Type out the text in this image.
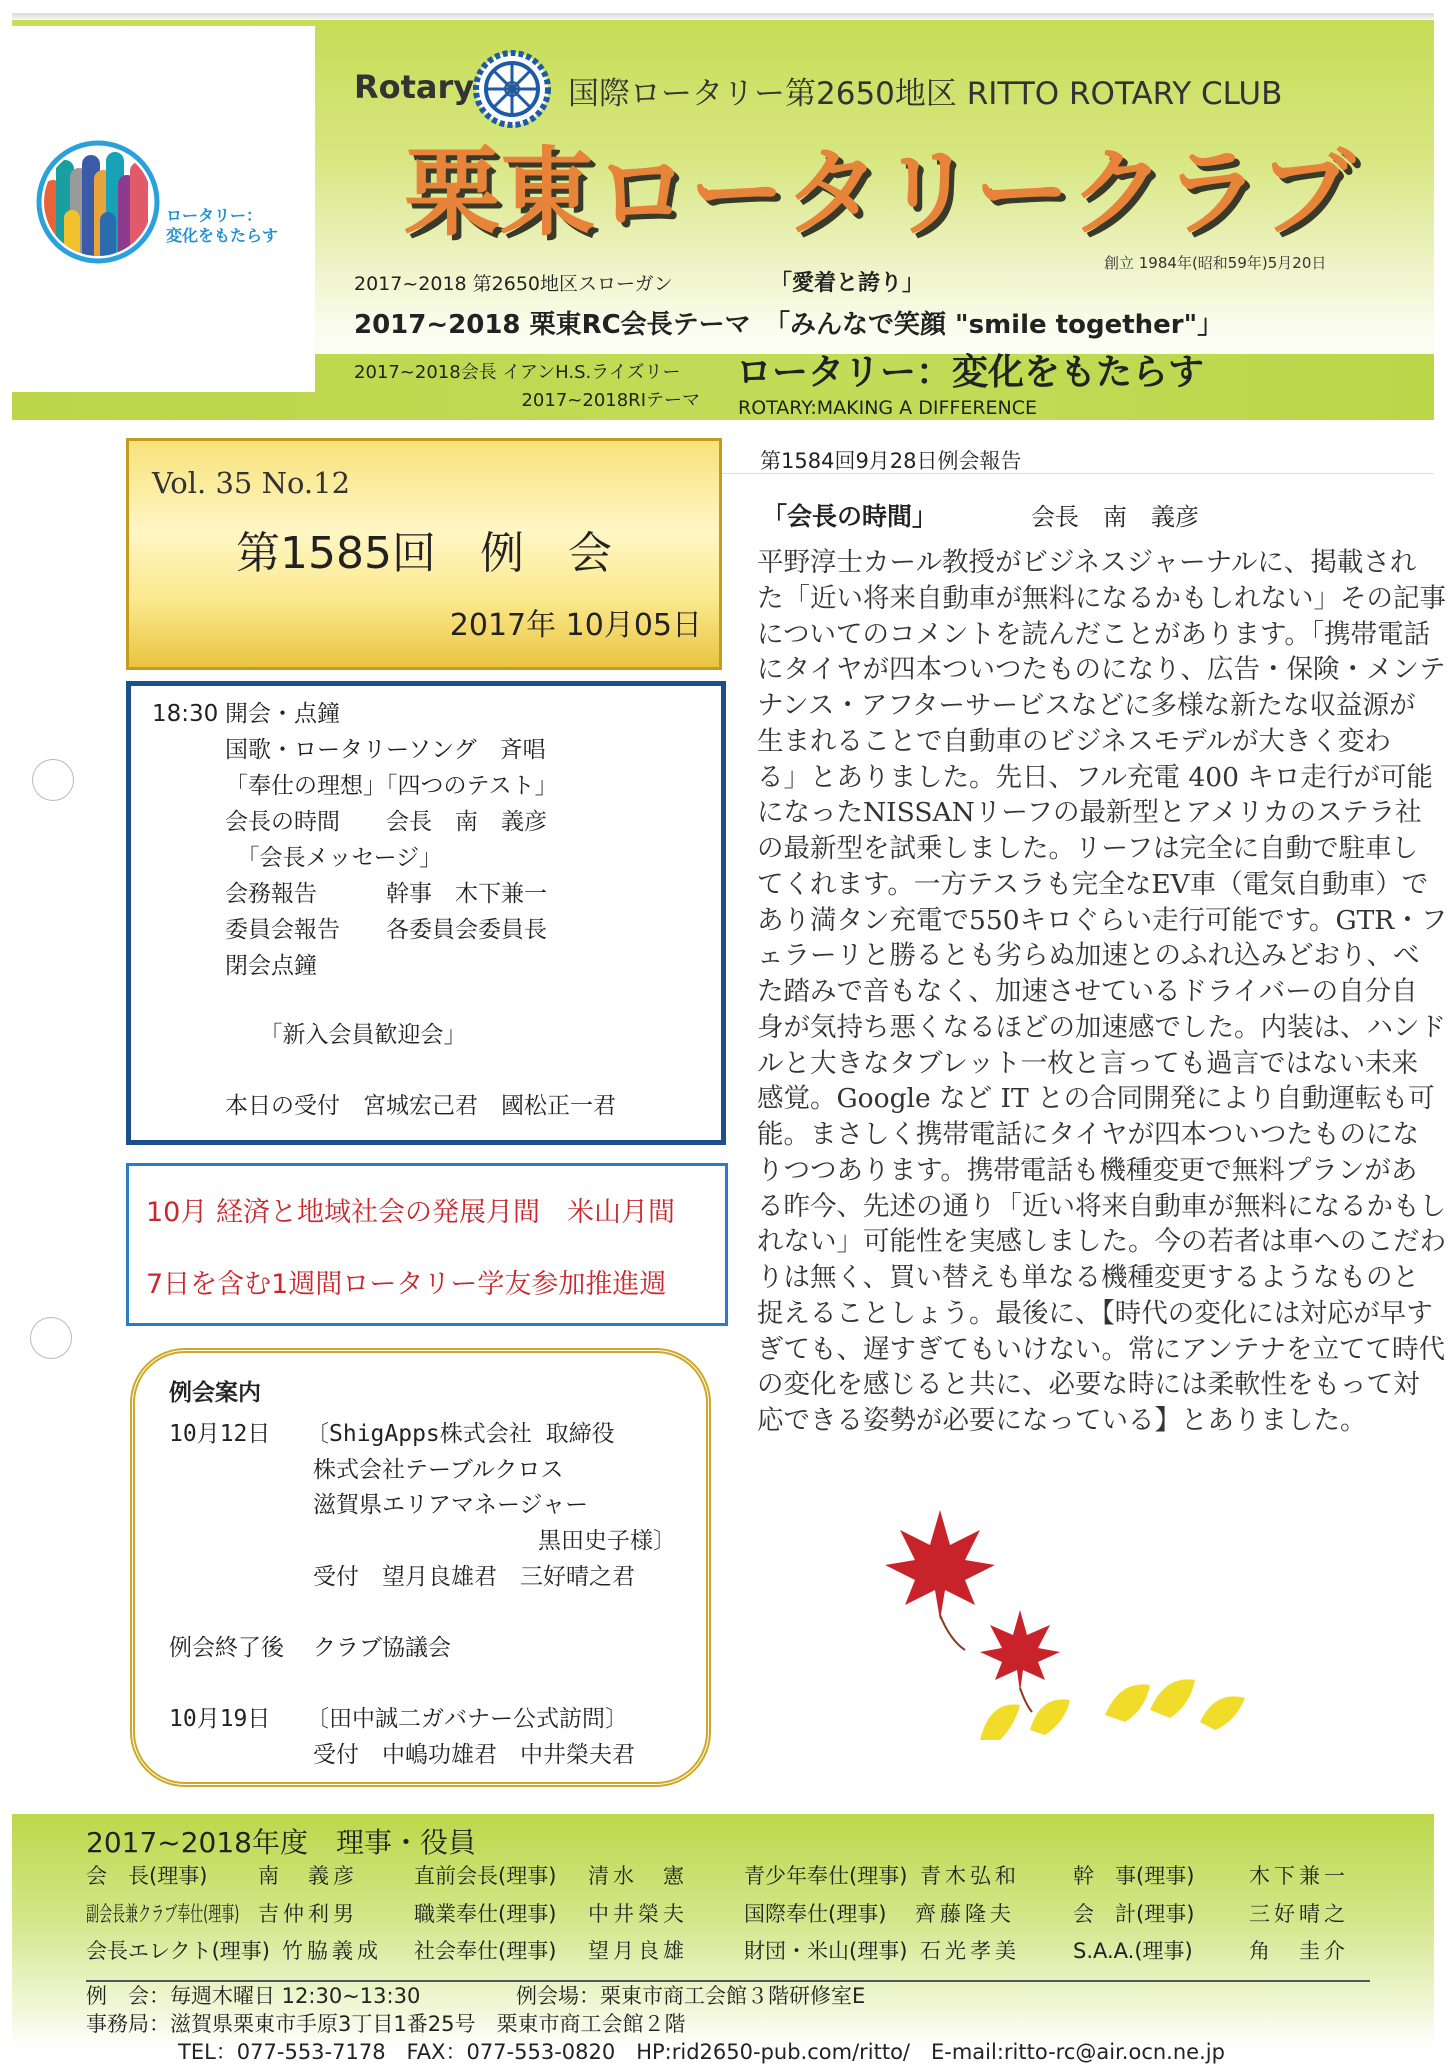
ロータリー：
変化をもたらす
Rotary	国際ロータリー第2650地区 RITTO ROTARY CLUB
栗東ロータリークラブ
創立 1984年(昭和59年)5月20日
2017~2018 第2650地区スローガン	「愛着と誇り」
2017~2018 栗東RC会長テーマ 「みんなで笑顔 "smile together"」
2017~2018会長 イアンH.S.ライズリー
2017~2018RIテーマ
ロータリー：変化をもたらす
ROTARY:MAKING A DIFFERENCE
Vol. 35 No.12
第1585回　例　会
2017年 10月05日
18:30 開会・点鐘
国歌・ロータリーソング　斉唱
「奉仕の理想」「四つのテスト」
会長の時間　　会長　南　義彦
　「会長メッセージ」
会務報告　　　幹事　木下兼一
委員会報告　　各委員会委員長
閉会点鐘
　　「新入会員歓迎会」
本日の受付　宮城宏己君　國松正一君
10月 経済と地域社会の発展月間　米山月間
7日を含む1週間ロータリー学友参加推進週
例会案内
10月12日 〔ShigApps株式会社 取締役
株式会社テーブルクロス
滋賀県エリアマネージャー
黒田史子様〕
受付　望月良雄君　三好晴之君
例会終了後 クラブ協議会
10月19日 〔田中誠二ガバナー公式訪問〕
受付　中嶋功雄君　中井榮夫君
第1584回9月28日例会報告
「会長の時間」	会長　南　義彦
平野淳士カール教授がビジネスジャーナルに、掲載され
た「近い将来自動車が無料になるかもしれない」その記事
についてのコメントを読んだことがあります。「携帯電話
にタイヤが四本ついつたものになり、広告・保険・メンテ
ナンス・アフターサービスなどに多様な新たな収益源が
生まれることで自動車のビジネスモデルが大きく変わ
る」とありました。先日、フル充電 400 キロ走行が可能
になったNISSANリーフの最新型とアメリカのステラ社
の最新型を試乗しました。リーフは完全に自動で駐車し
てくれます。一方テスラも完全なEV車（電気自動車）で
あり満タン充電で550キロぐらい走行可能です。GTR・フ
ェラーリと勝るとも劣らぬ加速とのふれ込みどおり、べ
た踏みで音もなく、加速させているドライバーの自分自
身が気持ち悪くなるほどの加速感でした。内装は、ハンド
ルと大きなタブレット一枚と言っても過言ではない未来
感覚。Google など IT との合同開発により自動運転も可
能。まさしく携帯電話にタイヤが四本ついつたものにな
りつつあります。携帯電話も機種変更で無料プランがあ
る昨今、先述の通り「近い将来自動車が無料になるかもし
れない」可能性を実感しました。今の若者は車へのこだわ
りは無く、買い替えも単なる機種変更するようなものと
捉えることしょう。最後に、【時代の変化には対応が早す
ぎても、遅すぎてもいけない。常にアンテナを立てて時代
の変化を感じると共に、必要な時には柔軟性をもって対
応できる姿勢が必要になっている】とありました。
2017~2018年度　理事・役員
会　長(理事) 南　義彦	直前会長(理事) 清水　憲	青少年奉仕(理事) 青木弘和	幹　事(理事)	木下兼一
副会長兼クラブ奉仕(理事) 吉仲利男	職業奉仕(理事) 中井榮夫	国際奉仕(理事) 齊藤隆夫	会　計(理事)	三好晴之
会長エレクト(理事) 竹脇義成 社会奉仕(理事) 望月良雄	財団・米山(理事) 石光孝美	S.A.A.(理事)	角　圭介
例　会：毎週木曜日 12:30~13:30	例会場：栗東市商工会館３階研修室E
事務局：滋賀県栗東市手原3丁目1番25号　栗東市商工会館２階
TEL：077-553-7178　FAX：077-553-0820　HP:rid2650-pub.com/ritto/　E-mail:ritto-rc@air.ocn.ne.jp
